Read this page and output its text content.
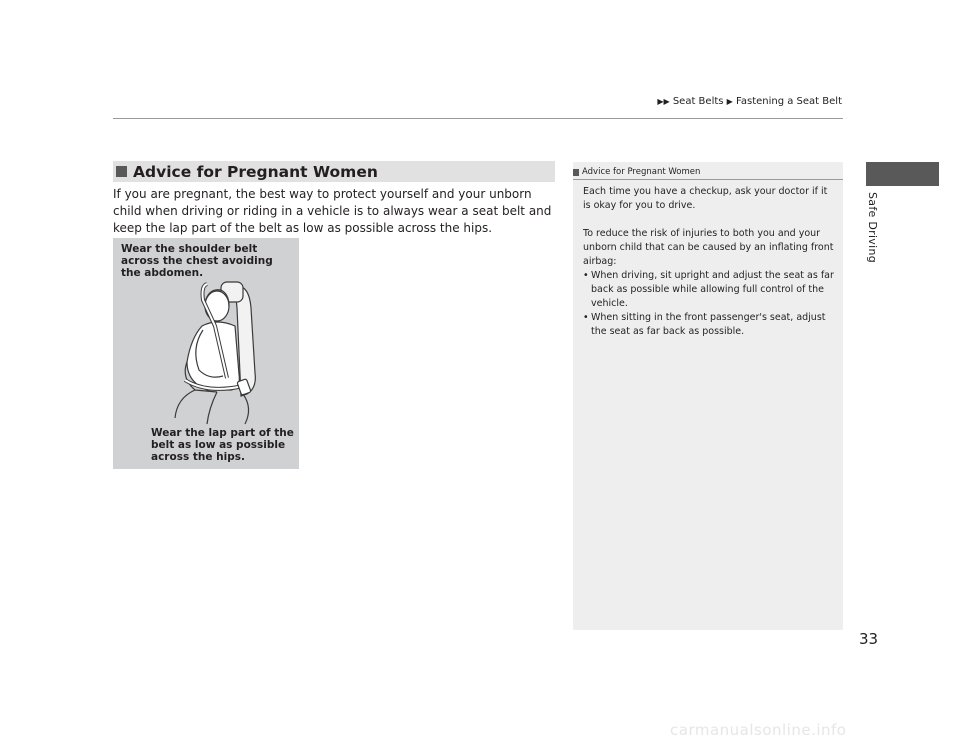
▶▶ Seat Belts ▶ Fastening a Seat Belt
Safe Driving
Advice for Pregnant Women
If you are pregnant, the best way to protect yourself and your unborn child when driving or riding in a vehicle is to always wear a seat belt and keep the lap part of the belt as low as possible across the hips.
Wear the shoulder belt
across the chest avoiding
the abdomen.
Wear the lap part of the
belt as low as possible
across the hips.
Advice for Pregnant Women

Each time you have a checkup, ask your doctor if it is okay for you to drive.

To reduce the risk of injuries to both you and your unborn child that can be caused by an inflating front airbag:

• When driving, sit upright and adjust the seat as far back as possible while allowing full control of the vehicle.
• When sitting in the front passenger's seat, adjust the seat as far back as possible.
33
carmanualsonline.info
